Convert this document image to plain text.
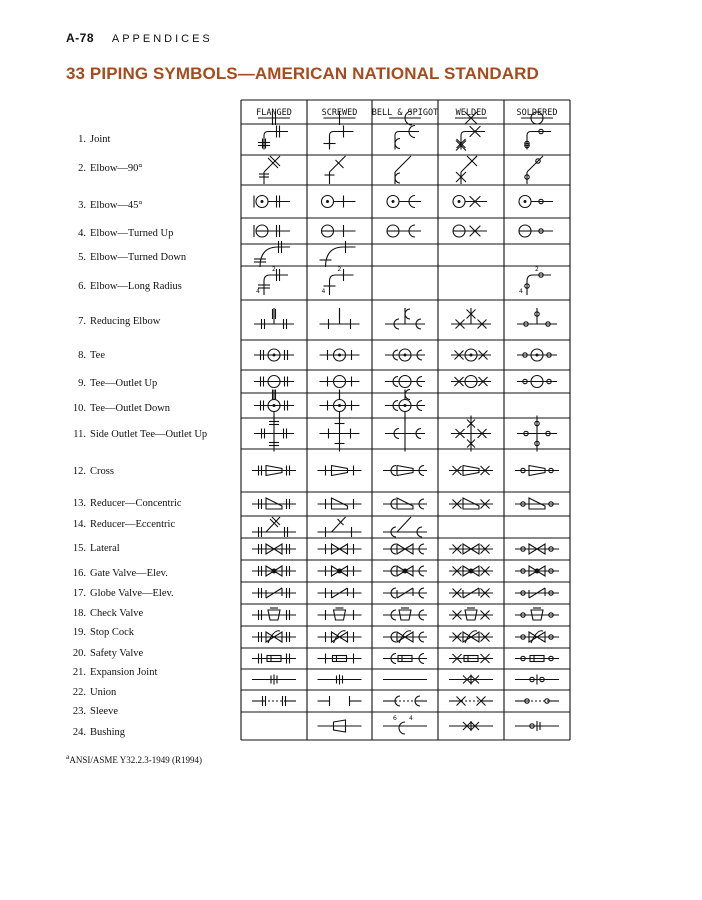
A-78 APPENDICES
33 PIPING SYMBOLS—AMERICAN NATIONAL STANDARD
1. Joint
2. Elbow—90°
3. Elbow—45°
4. Elbow—Turned Up
5. Elbow—Turned Down
6. Elbow—Long Radius
7. Reducing Elbow
8. Tee
9. Tee—Outlet Up
10. Tee—Outlet Down
11. Side Outlet Tee—Outlet Up
12. Cross
13. Reducer—Concentric
14. Reducer—Eccentric
15. Lateral
16. Gate Valve—Elev.
17. Globe Valve—Elev.
18. Check Valve
19. Stop Cock
20. Safety Valve
21. Expansion Joint
22. Union
23. Sleeve
24. Bushing
FLANGED	SCREWED BELL & SPIGOT WELDED	SOLDERED
2
4
2
4
2
4
6 4
$^a$ANSI/ASME Y32.2.3-1949 (R1994)
